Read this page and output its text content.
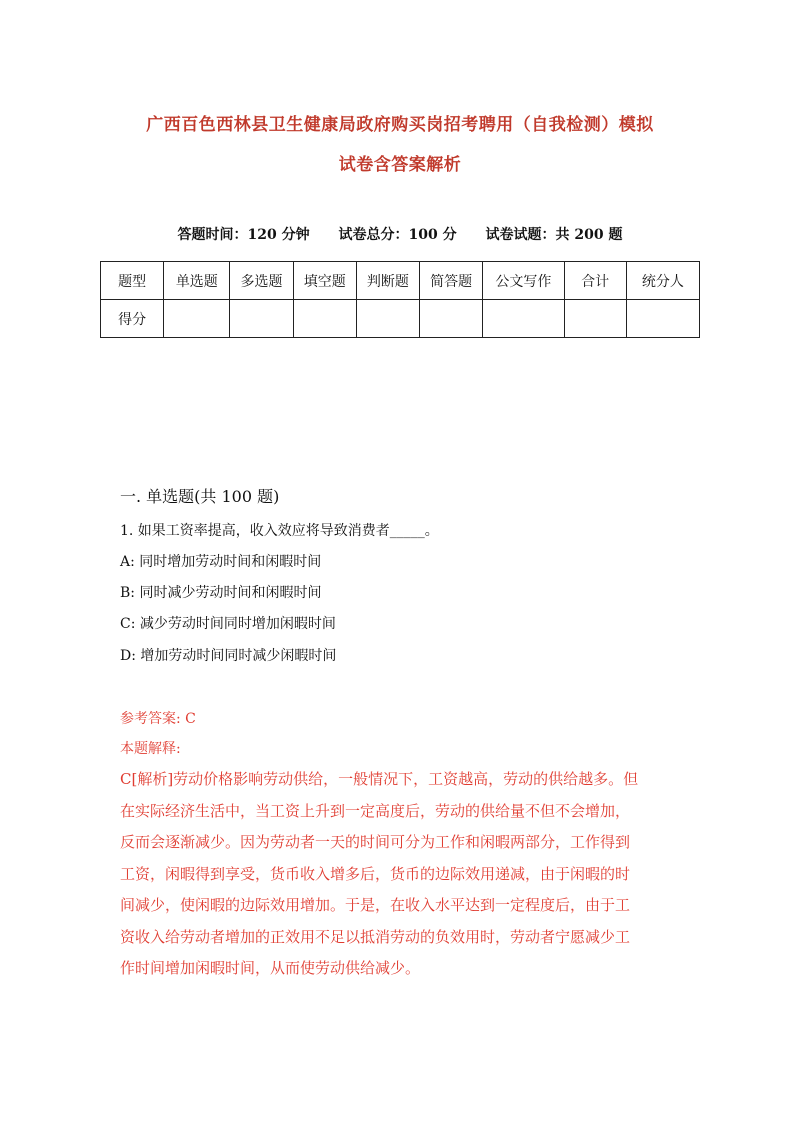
广西百色西林县卫生健康局政府购买岗招考聘用（自我检测）模拟
试卷含答案解析
答题时间：120 分钟 试卷总分：100 分 试卷试题：共 200 题
题型	单选题	多选题	填空题	判断题	简答题	公文写作	合计	统分人
得分								
一. 单选题(共 100 题)
1. 如果工资率提高，收入效应将导致消费者_____。
A: 同时增加劳动时间和闲暇时间
B: 同时减少劳动时间和闲暇时间
C: 减少劳动时间同时增加闲暇时间
D: 增加劳动时间同时减少闲暇时间
参考答案: C
本题解释:
C[解析]劳动价格影响劳动供给，一般情况下，工资越高，劳动的供给越多。但
在实际经济生活中，当工资上升到一定高度后，劳动的供给量不但不会增加，
反而会逐渐减少。因为劳动者一天的时间可分为工作和闲暇两部分，工作得到
工资，闲暇得到享受，货币收入增多后，货币的边际效用递减，由于闲暇的时
间减少，使闲暇的边际效用增加。于是，在收入水平达到一定程度后，由于工
资收入给劳动者增加的正效用不足以抵消劳动的负效用时，劳动者宁愿减少工
作时间增加闲暇时间，从而使劳动供给减少。
